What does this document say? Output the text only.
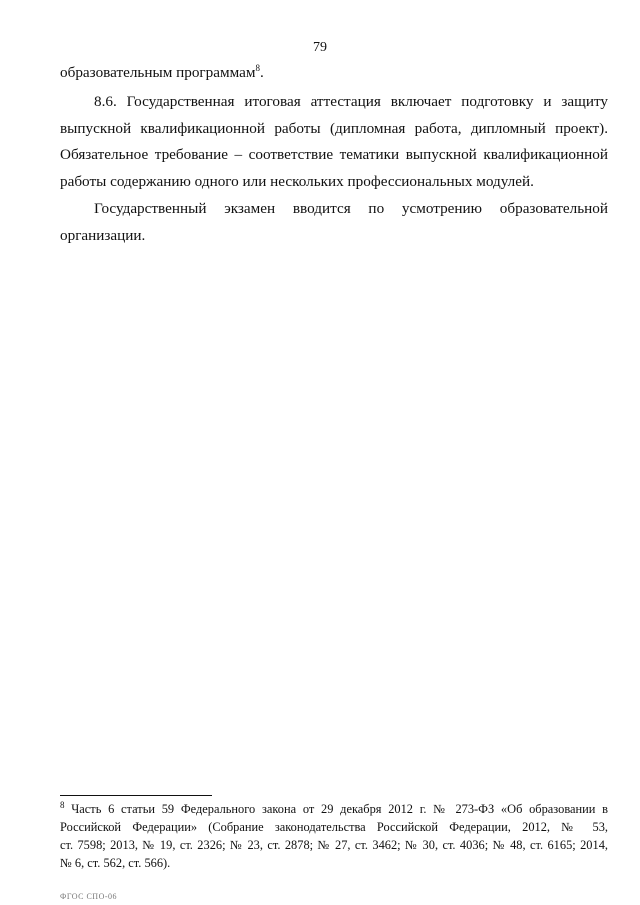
79
образовательным программам$^8$.
8.6. Государственная итоговая аттестация включает подготовку и защиту
выпускной квалификационной работы (дипломная работа, дипломный проект).
Обязательное требование – соответствие тематики выпускной квалификационной
работы содержанию одного или нескольких профессиональных модулей.
Государственный экзамен вводится по усмотрению образовательной
организации.
$^8$ Часть 6 статьи 59 Федерального закона от 29 декабря 2012 г. № 273-ФЗ «Об образовании в
Российской Федерации» (Собрание законодательства Российской Федерации, 2012, № 53,
ст. 7598; 2013, № 19, ст. 2326; № 23, ст. 2878; № 27, ст. 3462; № 30, ст. 4036; № 48, ст. 6165; 2014,
№ 6, ст. 562, ст. 566).
ФГОС СПО-06
